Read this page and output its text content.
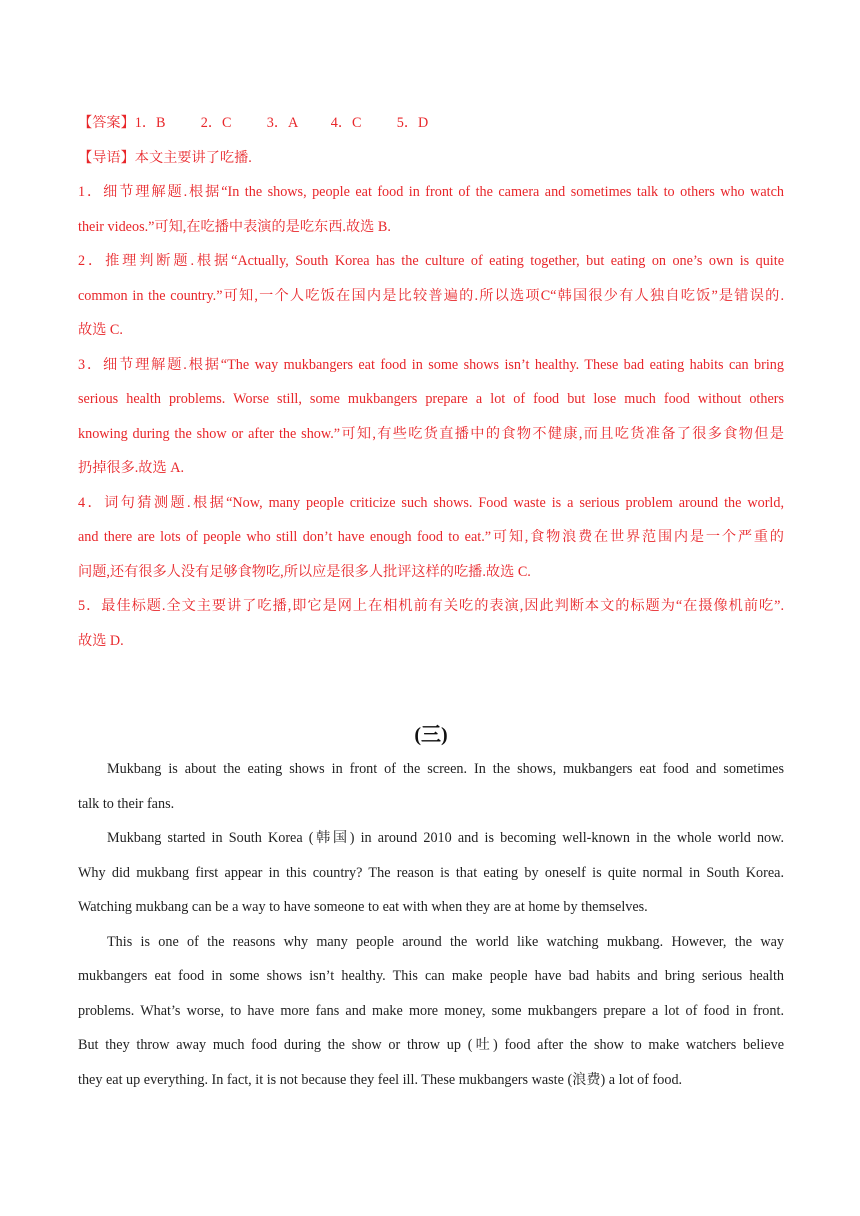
【答案】1．B 2．C 3．A 4．C 5．D
【导语】本文主要讲了吃播.
1．细节理解题.根据“In the shows, people eat food in front of the camera and sometimes talk to others who watch
their videos.”可知,在吃播中表演的是吃东西.故选 B.
2．推理判断题.根据“Actually, South Korea has the culture of eating together, but eating on one’s own is quite
common in the country.”可知,一个人吃饭在国内是比较普遍的.所以选项C“韩国很少有人独自吃饭”是错误的.
故选 C.
3．细节理解题.根据“The way mukbangers eat food in some shows isn’t healthy. These bad eating habits can bring
serious health problems. Worse still, some mukbangers prepare a lot of food but lose much food without others
knowing during the show or after the show.”可知,有些吃货直播中的食物不健康,而且吃货准备了很多食物但是
扔掉很多.故选 A.
4．词句猜测题.根据“Now, many people criticize such shows. Food waste is a serious problem around the world,
and there are lots of people who still don’t have enough food to eat.”可知,食物浪费在世界范围内是一个严重的
问题,还有很多人没有足够食物吃,所以应是很多人批评这样的吃播.故选 C.
5．最佳标题.全文主要讲了吃播,即它是网上在相机前有关吃的表演,因此判断本文的标题为“在摄像机前吃”.
故选 D.
(三)
Mukbang is about the eating shows in front of the screen. In the shows, mukbangers eat food and sometimes
talk to their fans.
Mukbang started in South Korea (韩国) in around 2010 and is becoming well-known in the whole world now.
Why did mukbang first appear in this country? The reason is that eating by oneself is quite normal in South Korea.
Watching mukbang can be a way to have someone to eat with when they are at home by themselves.
This is one of the reasons why many people around the world like watching mukbang. However, the way
mukbangers eat food in some shows isn’t healthy. This can make people have bad habits and bring serious health
problems. What’s worse, to have more fans and make more money, some mukbangers prepare a lot of food in front.
But they throw away much food during the show or throw up (吐) food after the show to make watchers believe
they eat up everything. In fact, it is not because they feel ill. These mukbangers waste (浪费) a lot of food.
